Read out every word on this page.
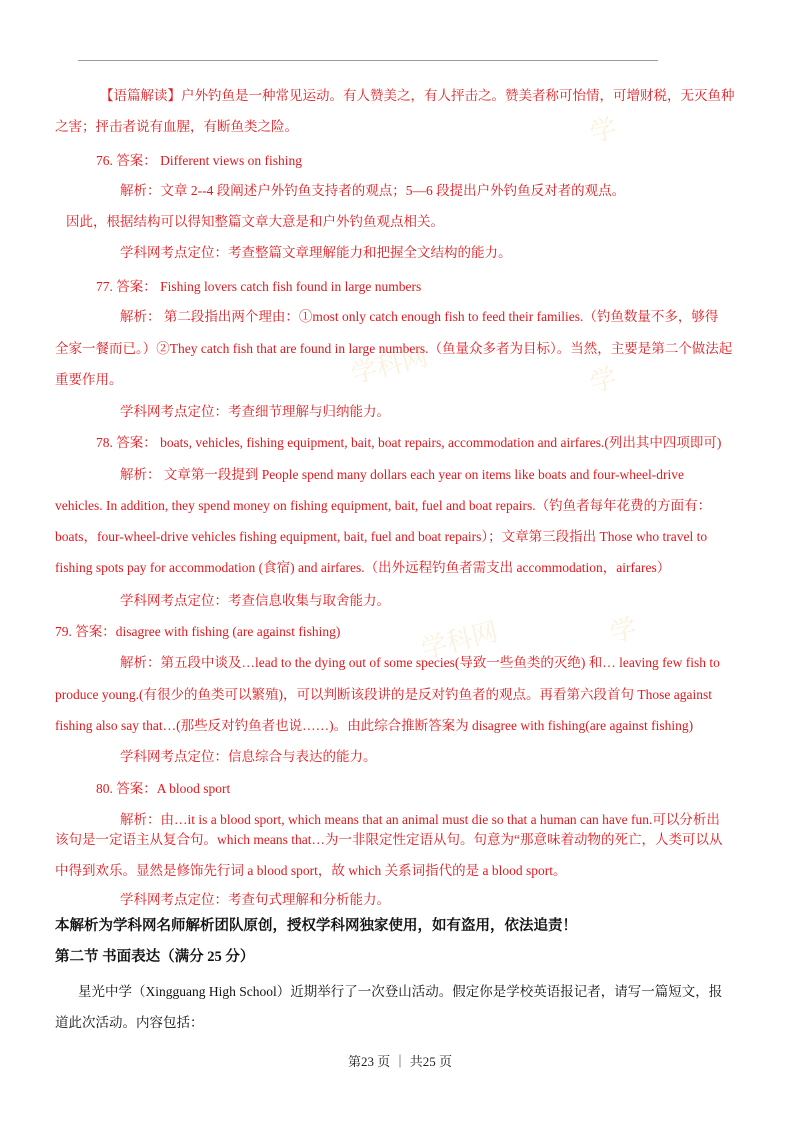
学
学科网	学
学科网	学
【语篇解读】户外钓鱼是一种常见运动。有人赞美之，有人抨击之。赞美者称可怡情，可增财税，无灭鱼种
之害；抨击者说有血腥，有断鱼类之险。
76. 答案： Different views on fishing
解析：文章 2--4 段阐述户外钓鱼支持者的观点；5—6 段提出户外钓鱼反对者的观点。
因此，根据结构可以得知整篇文章大意是和户外钓鱼观点相关。
学科网考点定位：考查整篇文章理解能力和把握全文结构的能力。
77. 答案： Fishing lovers catch fish found in large numbers
解析： 第二段指出两个理由：①most only catch enough fish to feed their families.（钓鱼数量不多，够得
全家一餐而已。）②They catch fish that are found in large numbers.（鱼量众多者为目标）。当然，主要是第二个做法起
重要作用。
学科网考点定位：考查细节理解与归纳能力。
78. 答案： boats, vehicles, fishing equipment, bait, boat repairs, accommodation and airfares.(列出其中四项即可)
解析： 文章第一段提到 People spend many dollars each year on items like boats and four-wheel-drive
vehicles. In addition, they spend money on fishing equipment, bait, fuel and boat repairs.（钓鱼者每年花费的方面有：
boats，four-wheel-drive vehicles fishing equipment, bait, fuel and boat repairs）；文章第三段指出 Those who travel to
fishing spots pay for accommodation (食宿) and airfares.（出外远程钓鱼者需支出 accommodation，airfares）
学科网考点定位：考查信息收集与取舍能力。
79. 答案：disagree with fishing (are against fishing)
解析：第五段中谈及…lead to the dying out of some species(导致一些鱼类的灭绝) 和… leaving few fish to
produce young.(有很少的鱼类可以繁殖)，可以判断该段讲的是反对钓鱼者的观点。再看第六段首句 Those against
fishing also say that…(那些反对钓鱼者也说……)。由此综合推断答案为 disagree with fishing(are against fishing)
学科网考点定位：信息综合与表达的能力。
80. 答案：A blood sport
解析：由…it is a blood sport, which means that an animal must die so that a human can have fun.可以分析出
该句是一定语主从复合句。which means that…为一非限定性定语从句。句意为“那意味着动物的死亡，人类可以从
中得到欢乐。显然是修饰先行词 a blood sport，故 which 关系词指代的是 a blood sport。
学科网考点定位：考查句式理解和分析能力。
本解析为学科网名师解析团队原创，授权学科网独家使用，如有盗用，依法追责！
第二节 书面表达（满分 25 分）
星光中学（Xingguang High School）近期举行了一次登山活动。假定你是学校英语报记者，请写一篇短文，报
道此次活动。内容包括：
第23 页 ｜ 共25 页
